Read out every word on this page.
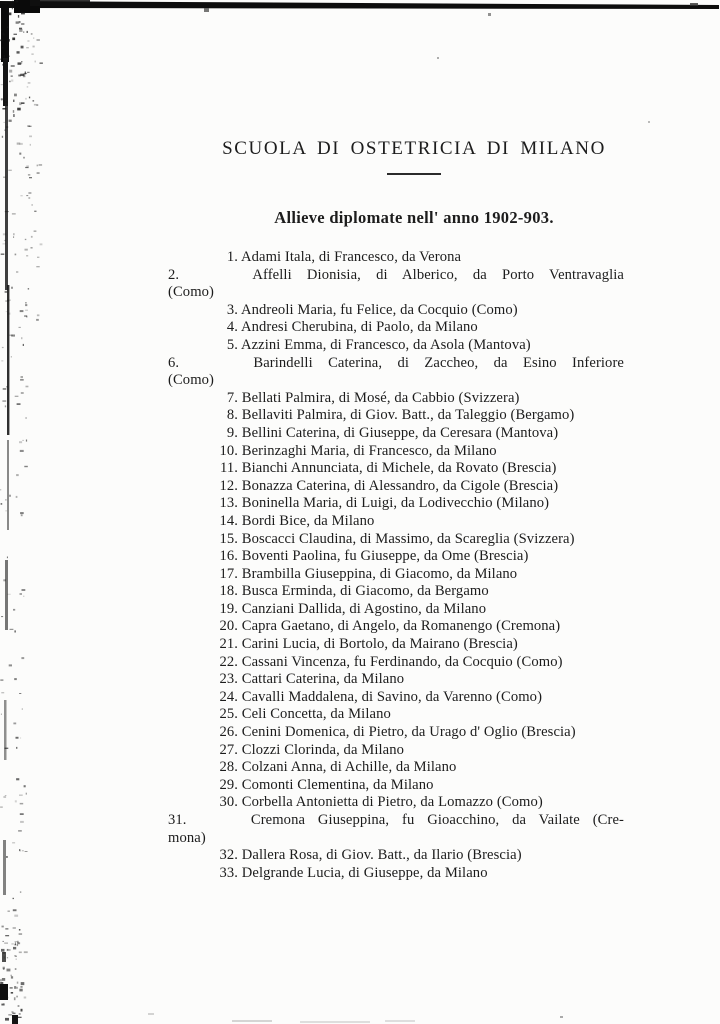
SCUOLA DI OSTETRICIA DI MILANO
Allieve diplomate nell' anno 1902-903.

1. Adami Itala, di Francesco, da Verona

2.	Affelli Dionisia, di Alberico, da Porto Ventravaglia
(Como)

3. Andreoli Maria, fu Felice, da Cocquio (Como)

4. Andresi Cherubina, di Paolo, da Milano

5. Azzini Emma, di Francesco, da Asola (Mantova)

6.	Barindelli Caterina, di Zaccheo, da Esino Inferiore
(Como)

7. Bellati Palmira, di Mosé, da Cabbio (Svizzera)

8. Bellaviti Palmira, di Giov. Batt., da Taleggio (Bergamo)

9. Bellini Caterina, di Giuseppe, da Ceresara (Mantova)

10. Berinzaghi Maria, di Francesco, da Milano

11. Bianchi Annunciata, di Michele, da Rovato (Brescia)

12. Bonazza Caterina, di Alessandro, da Cigole (Brescia)

13. Boninella Maria, di Luigi, da Lodivecchio (Milano)

14. Bordi Bice, da Milano

15. Boscacci Claudina, di Massimo, da Scareglia (Svizzera)

16. Boventi Paolina, fu Giuseppe, da Ome (Brescia)

17. Brambilla Giuseppina, di Giacomo, da Milano

18. Busca Erminda, di Giacomo, da Bergamo

19. Canziani Dallida, di Agostino, da Milano

20. Capra Gaetano, di Angelo, da Romanengo (Cremona)

21. Carini Lucia, di Bortolo, da Mairano (Brescia)

22. Cassani Vincenza, fu Ferdinando, da Cocquio (Como)

23. Cattari Caterina, da Milano

24. Cavalli Maddalena, di Savino, da Varenno (Como)

25. Celi Concetta, da Milano

26. Cenini Domenica, di Pietro, da Urago d' Oglio (Brescia)

27. Clozzi Clorinda, da Milano

28. Colzani Anna, di Achille, da Milano

29. Comonti Clementina, da Milano

30. Corbella Antonietta di Pietro, da Lomazzo (Como)

31.	Cremona Giuseppina, fu Gioacchino, da Vailate (Cre-
mona)

32. Dallera Rosa, di Giov. Batt., da Ilario (Brescia)

33. Delgrande Lucia, di Giuseppe, da Milano
